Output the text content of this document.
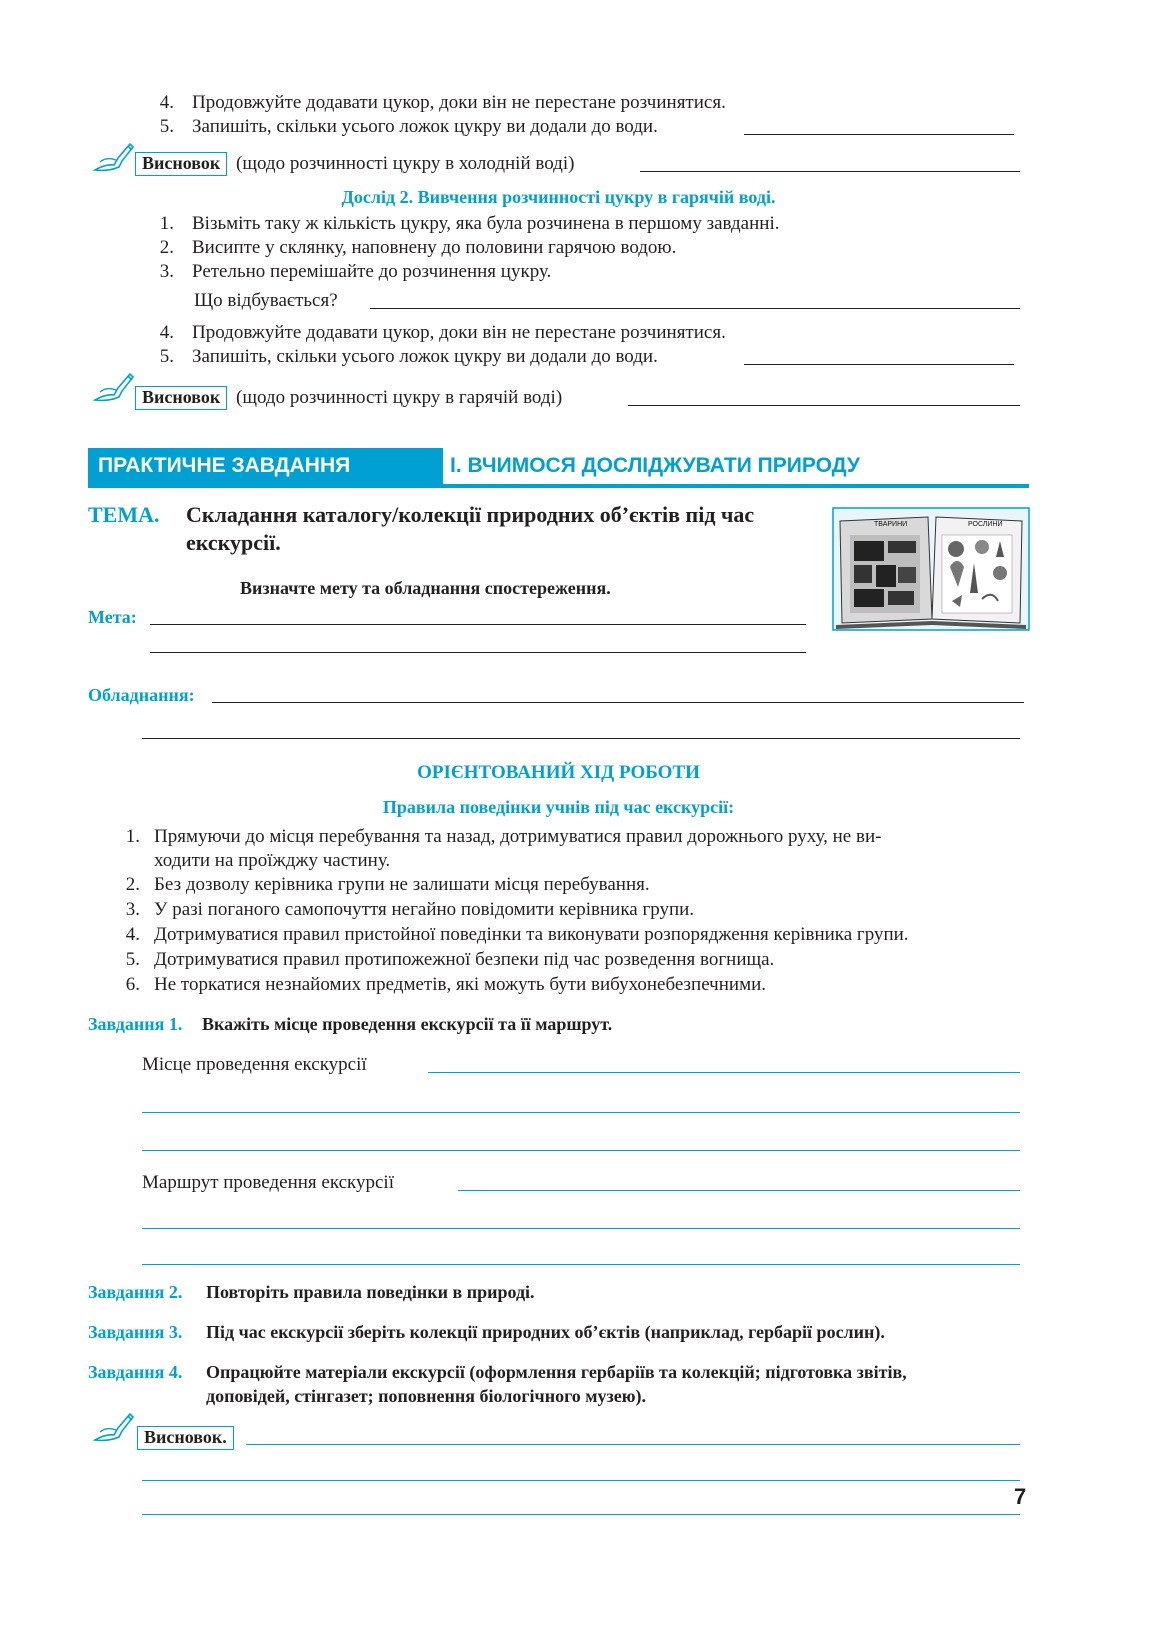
4. Продовжуйте додавати цукор, доки він не перестане розчинятися.
5. Запишіть, скільки усього ложок цукру ви додали до води.
Висновок (щодо розчинності цукру в холодній воді)
Дослід 2. Вивчення розчинності цукру в гарячій воді.
1. Візьміть таку ж кількість цукру, яка була розчинена в першому завданні.
2. Висипте у склянку, наповнену до половини гарячою водою.
3. Ретельно перемішайте до розчинення цукру.
Що відбувається?
4. Продовжуйте додавати цукор, доки він не перестане розчинятися.
5. Запишіть, скільки усього ложок цукру ви додали до води.
Висновок (щодо розчинності цукру в гарячій воді)
ПРАКТИЧНЕ ЗАВДАННЯ	І. ВЧИМОСЯ ДОСЛІДЖУВАТИ ПРИРОДУ
ТЕМА. Складання каталогу/колекції природних об’єктів під час
екскурсії.
ТВАРИНИ	РОСЛИНИ
Визначте мету та обладнання спостереження.
Мета:
Обладнання:
ОРІЄНТОВАНИЙ ХІД РОБОТИ
Правила поведінки учнів під час екскурсії:
1. Прямуючи до місця перебування та назад, дотримуватися правил дорожнього руху, не ви-
ходити на проїжджу частину.
2. Без дозволу керівника групи не залишати місця перебування.
3. У разі поганого самопочуття негайно повідомити керівника групи.
4. Дотримуватися правил пристойної поведінки та виконувати розпорядження керівника групи.
5. Дотримуватися правил протипожежної безпеки під час розведення вогнища.
6. Не торкатися незнайомих предметів, які можуть бути вибухонебезпечними.
Завдання 1. Вкажіть місце проведення екскурсії та її маршрут.
Місце проведення екскурсії
Маршрут проведення екскурсії
Завдання 2. Повторіть правила поведінки в природі.
Завдання 3. Під час екскурсії зберіть колекції природних об’єктів (наприклад, гербарії рослин).
Завдання 4. Опрацюйте матеріали екскурсії (оформлення гербаріїв та колекцій; підготовка звітів,
доповідей, стінгазет; поповнення біологічного музею).
Висновок.
7
